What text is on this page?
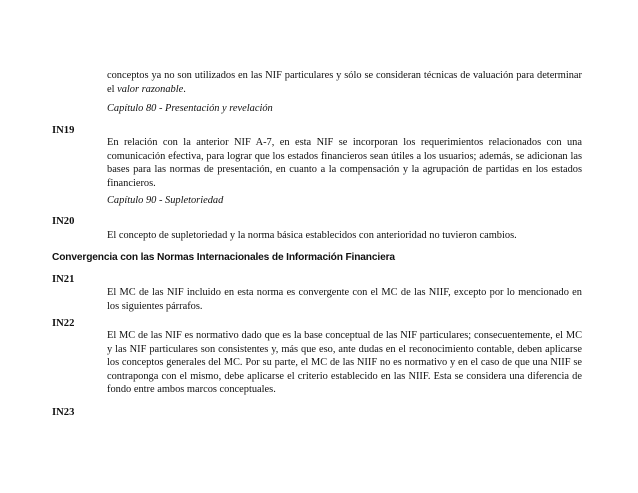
conceptos ya no son utilizados en las NIF particulares y sólo se consideran técnicas de valuación para determinar el valor razonable.

Capítulo 80 - Presentación y revelación

IN19

En relación con la anterior NIF A-7, en esta NIF se incorporan los requerimientos relacionados con una comunicación efectiva, para lograr que los estados financieros sean útiles a los usuarios; además, se adicionan las bases para las normas de presentación, en cuanto a la compensación y la agrupación de partidas en los estados financieros.

Capítulo 90 - Supletoriedad

IN20

El concepto de supletoriedad y la norma básica establecidos con anterioridad no tuvieron cambios.

Convergencia con las Normas Internacionales de Información Financiera

IN21

El MC de las NIF incluido en esta norma es convergente con el MC de las NIIF, excepto por lo mencionado en los siguientes párrafos.

IN22

El MC de las NIF es normativo dado que es la base conceptual de las NIF particulares; consecuentemente, el MC y las NIF particulares son consistentes y, más que eso, ante dudas en el reconocimiento contable, deben aplicarse los conceptos generales del MC. Por su parte, el MC de las NIIF no es normativo y en el caso de que una NIIF se contraponga con el mismo, debe aplicarse el criterio establecido en las NIIF. Esta se considera una diferencia de fondo entre ambos marcos conceptuales.

IN23
